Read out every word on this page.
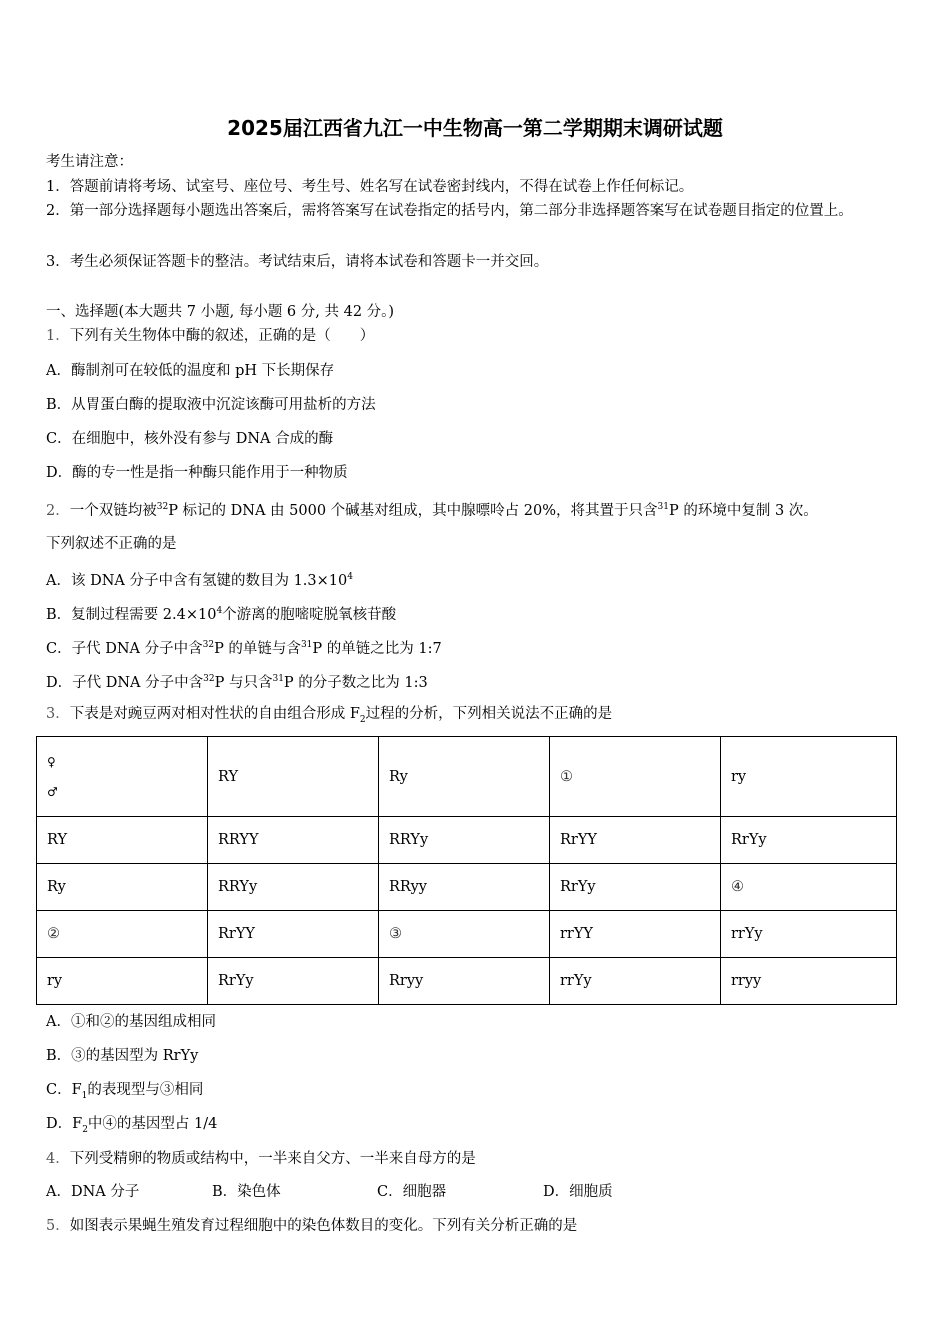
2025届江西省九江一中生物高一第二学期期末调研试题
考生请注意：
1．答题前请将考场、试室号、座位号、考生号、姓名写在试卷密封线内，不得在试卷上作任何标记。
2．第一部分选择题每小题选出答案后，需将答案写在试卷指定的括号内，第二部分非选择题答案写在试卷题目指定的位置上。
3．考生必须保证答题卡的整洁。考试结束后，请将本试卷和答题卡一并交回。
一、选择题(本大题共 7 小题, 每小题 6 分, 共 42 分。)
1．下列有关生物体中酶的叙述，正确的是（　　）
A．酶制剂可在较低的温度和 pH 下长期保存
B．从胃蛋白酶的提取液中沉淀该酶可用盐析的方法
C．在细胞中，核外没有参与 DNA 合成的酶
D．酶的专一性是指一种酶只能作用于一种物质
2．一个双链均被$^{32}$P 标记的 DNA 由 5000 个碱基对组成，其中腺嘌呤占 20%，将其置于只含$^{31}$P 的环境中复制 3 次。
下列叙述不正确的是
A．该 DNA 分子中含有氢键的数目为 $1.3\times 10^4$
B．复制过程需要 $2.4\times 10^4$个游离的胞嘧啶脱氧核苷酸
C．子代 DNA 分子中含$^{32}$P 的单链与含$^{31}$P 的单链之比为 1:7
D．子代 DNA 分子中含$^{32}$P 与只含$^{31}$P 的分子数之比为 1:3
3．下表是对豌豆两对相对性状的自由组合形成 $F_2$过程的分析，下列相关说法不正确的是
♀
♂	RY	Ry	①	ry
RY	RRYY	RRYy	RrYY	RrYy
Ry	RRYy	RRyy	RrYy	④
②	RrYY	③	rrYY	rrYy
ry	RrYy	Rryy	rrYy	rryy
A．①和②的基因组成相同
B．③的基因型为 RrYy
C．$F_1$的表现型与③相同
D．$F_2$中④的基因型占 1/4
4．下列受精卵的物质或结构中，一半来自父方、一半来自母方的是
A．DNA 分子	B．染色体	C．细胞器	D．细胞质
5．如图表示果蝇生殖发育过程细胞中的染色体数目的变化。下列有关分析正确的是
